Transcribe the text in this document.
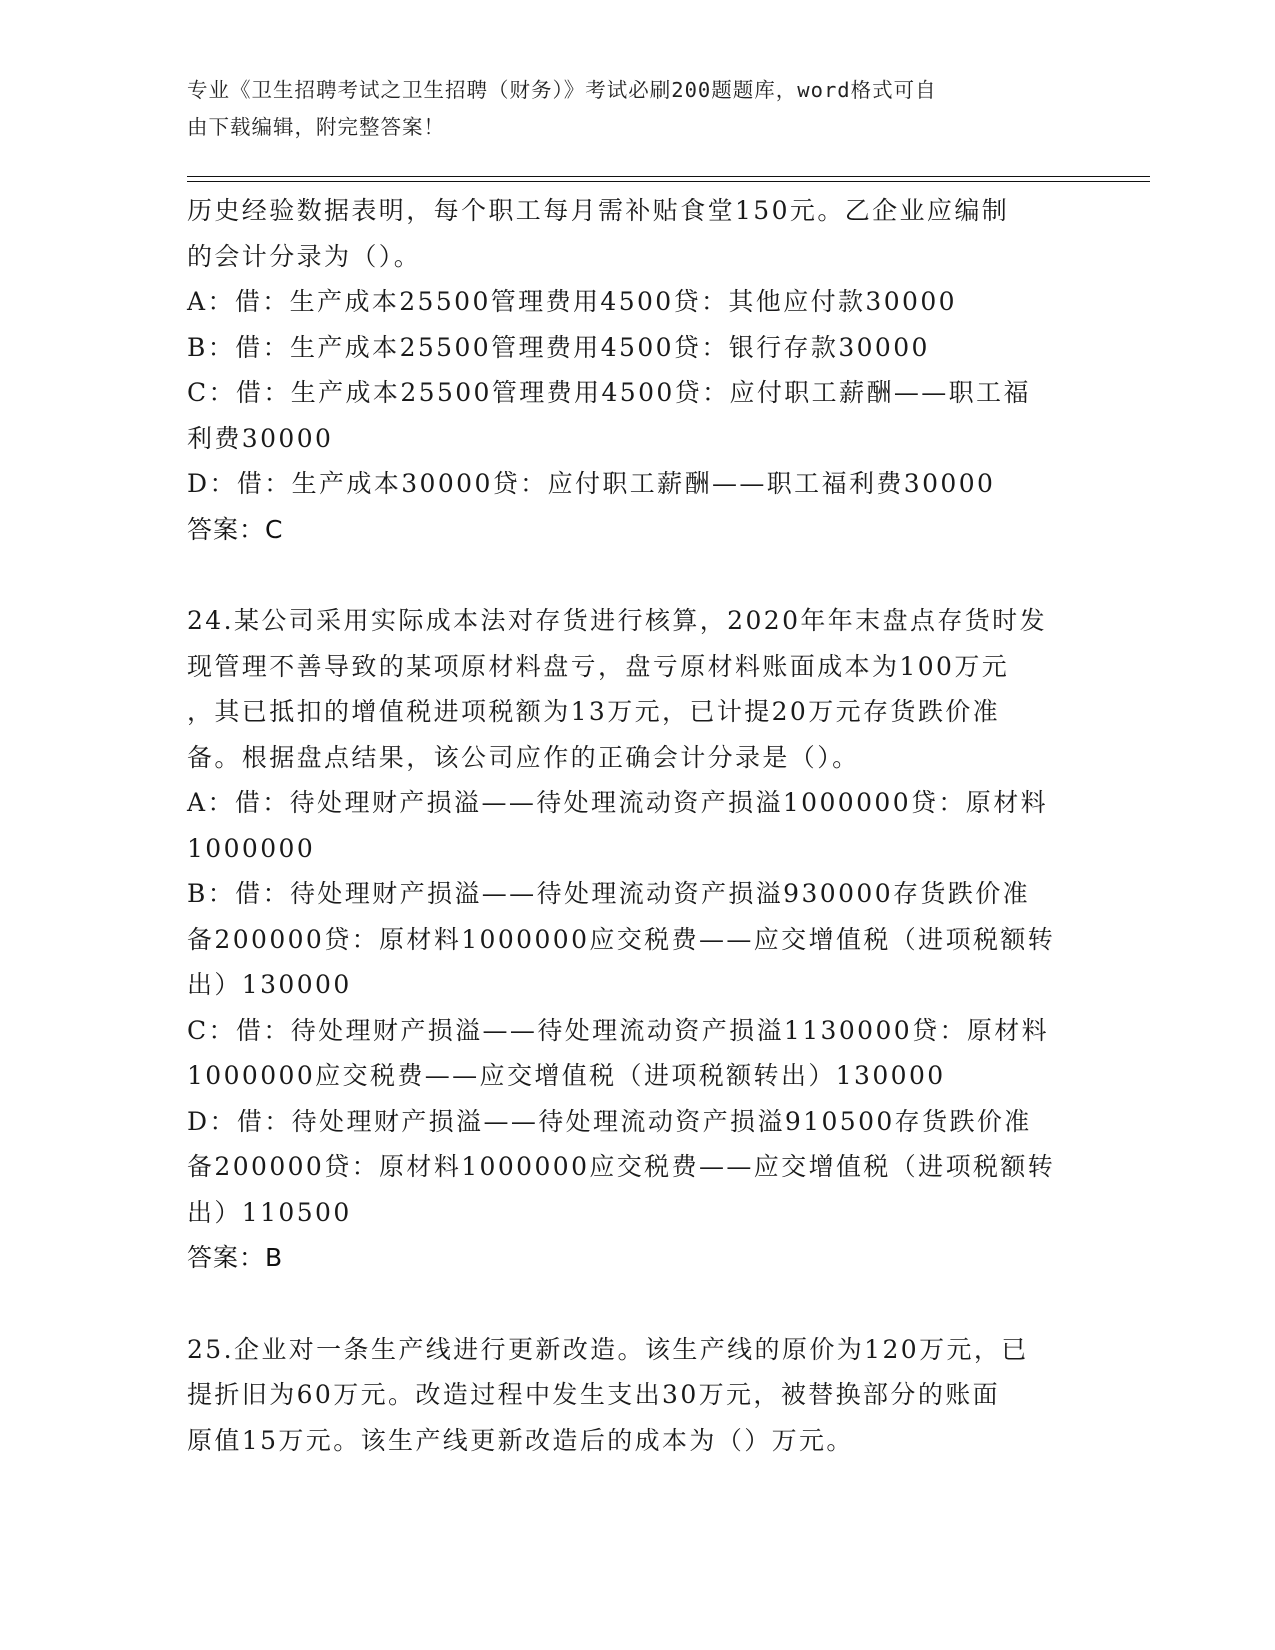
专业《卫生招聘考试之卫生招聘（财务）》考试必刷200题题库，word格式可自
由下载编辑，附完整答案！
历史经验数据表明，每个职工每月需补贴食堂150元。乙企业应编制
的会计分录为（）。
A：借：生产成本25500管理费用4500贷：其他应付款30000
B：借：生产成本25500管理费用4500贷：银行存款30000
C：借：生产成本25500管理费用4500贷：应付职工薪酬——职工福
利费30000
D：借：生产成本30000贷：应付职工薪酬——职工福利费30000
答案：C
24.某公司采用实际成本法对存货进行核算，2020年年末盘点存货时发
现管理不善导致的某项原材料盘亏，盘亏原材料账面成本为100万元
，其已抵扣的增值税进项税额为13万元，已计提20万元存货跌价准
备。根据盘点结果，该公司应作的正确会计分录是（）。
A：借：待处理财产损溢——待处理流动资产损溢1000000贷：原材料
1000000
B：借：待处理财产损溢——待处理流动资产损溢930000存货跌价准
备200000贷：原材料1000000应交税费——应交增值税（进项税额转
出）130000
C：借：待处理财产损溢——待处理流动资产损溢1130000贷：原材料
1000000应交税费——应交增值税（进项税额转出）130000
D：借：待处理财产损溢——待处理流动资产损溢910500存货跌价准
备200000贷：原材料1000000应交税费——应交增值税（进项税额转
出）110500
答案：B
25.企业对一条生产线进行更新改造。该生产线的原价为120万元，已
提折旧为60万元。改造过程中发生支出30万元，被替换部分的账面
原值15万元。该生产线更新改造后的成本为（）万元。
